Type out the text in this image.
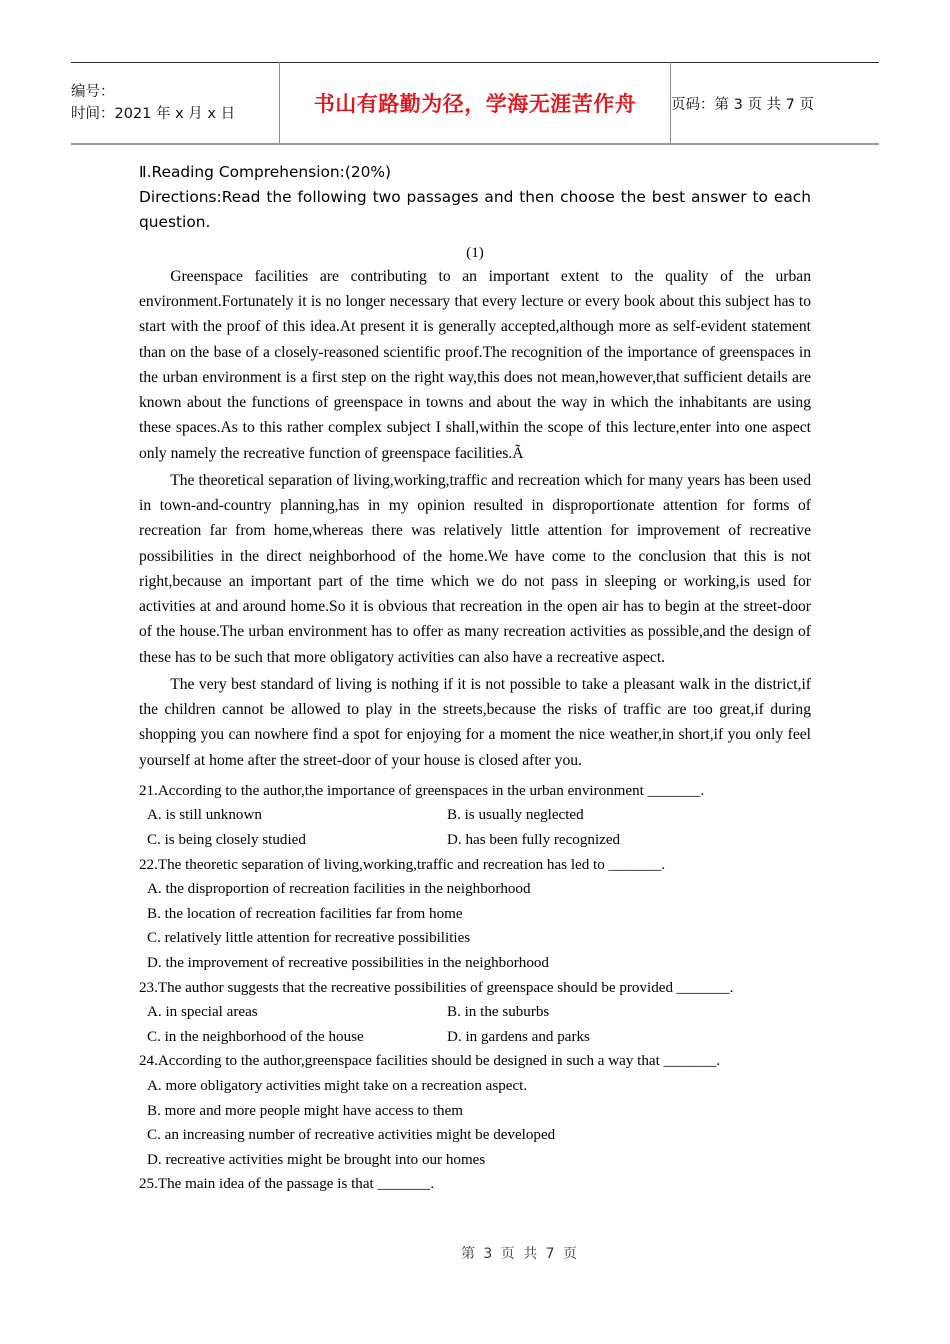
编号：
时间：2021 年 x 月 x 日	书山有路勤为径，学海无涯苦作舟	页码：第 3 页 共 7 页
Ⅱ.Reading Comprehension:(20%)
Directions:Read the following two passages and then choose the best answer to each question.
(1)

Greenspace facilities are contributing to an important extent to the quality of the urban environment.Fortunately it is no longer necessary that every lecture or every book about this subject has to start with the proof of this idea.At present it is generally accepted,although more as self-evident statement than on the base of a closely-reasoned scientific proof.The recognition of the importance of greenspaces in the urban environment is a first step on the right way,this does not mean,however,that sufficient details are known about the functions of greenspace in towns and about the way in which the inhabitants are using these spaces.As to this rather complex subject I shall,within the scope of this lecture,enter into one aspect only namely the recreative function of greenspace facilities.Ã

The theoretical separation of living,working,traffic and recreation which for many years has been used in town-and-country planning,has in my opinion resulted in disproportionate attention for forms of recreation far from home,whereas there was relatively little attention for improvement of recreative possibilities in the direct neighborhood of the home.We have come to the conclusion that this is not right,because an important part of the time which we do not pass in sleeping or working,is used for activities at and around home.So it is obvious that recreation in the open air has to begin at the street-door of the house.The urban environment has to offer as many recreation activities as possible,and the design of these has to be such that more obligatory activities can also have a recreative aspect.

The very best standard of living is nothing if it is not possible to take a pleasant walk in the district,if the children cannot be allowed to play in the streets,because the risks of traffic are too great,if during shopping you can nowhere find a spot for enjoying for a moment the nice weather,in short,if you only feel yourself at home after the street-door of your house is closed after you.

21.According to the author,the importance of greenspaces in the urban environment _______.

A. is still unknown	B. is usually neglected
C. is being closely studied	D. has been fully recognized

22.The theoretic separation of living,working,traffic and recreation has led to _______.

A. the disproportion of recreation facilities in the neighborhood
B. the location of recreation facilities far from home
C. relatively little attention for recreative possibilities
D. the improvement of recreative possibilities in the neighborhood

23.The author suggests that the recreative possibilities of greenspace should be provided _______.

A. in special areas	B. in the suburbs
C. in the neighborhood of the house	D. in gardens and parks

24.According to the author,greenspace facilities should be designed in such a way that _______.

A. more obligatory activities might take on a recreation aspect.
B. more and more people might have access to them
C. an increasing number of recreative activities might be developed
D. recreative activities might be brought into our homes

25.The main idea of the passage is that _______.

第 3 页 共 7 页
